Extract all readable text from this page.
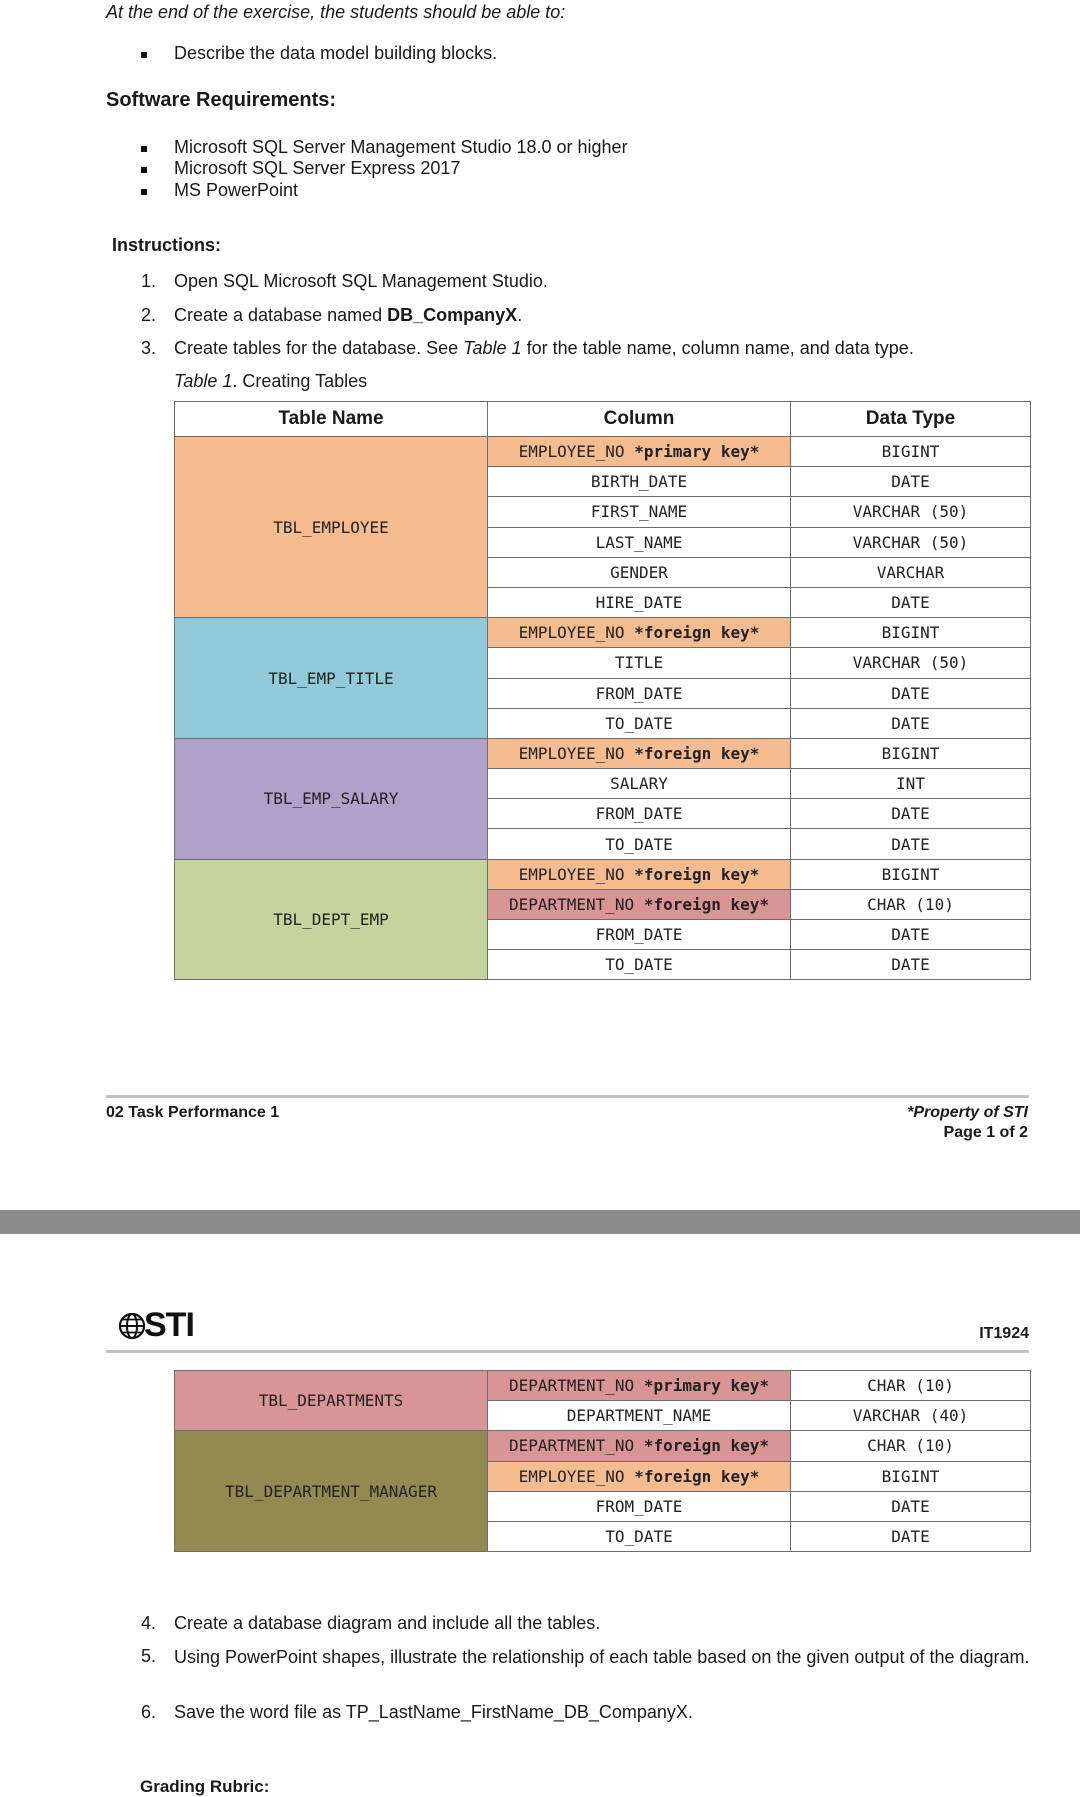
At the end of the exercise, the students should be able to:
Describe the data model building blocks.
Software Requirements:
Microsoft SQL Server Management Studio 18.0 or higher
Microsoft SQL Server Express 2017
MS PowerPoint
Instructions:
1. Open SQL Microsoft SQL Management Studio.
2. Create a database named DB_CompanyX.
3. Create tables for the database. See Table 1 for the table name, column name, and data type.
Table 1. Creating Tables
Table Name	Column	Data Type
TBL_EMPLOYEE	EMPLOYEE_NO *primary key*	BIGINT
	BIRTH_DATE	DATE
	FIRST_NAME	VARCHAR (50)
	LAST_NAME	VARCHAR (50)
	GENDER	VARCHAR
	HIRE_DATE	DATE
TBL_EMP_TITLE	EMPLOYEE_NO *foreign key*	BIGINT
	TITLE	VARCHAR (50)
	FROM_DATE	DATE
	TO_DATE	DATE
TBL_EMP_SALARY	EMPLOYEE_NO *foreign key*	BIGINT
	SALARY	INT
	FROM_DATE	DATE
	TO_DATE	DATE
TBL_DEPT_EMP	EMPLOYEE_NO *foreign key*	BIGINT
	DEPARTMENT_NO *foreign key*	CHAR (10)
	FROM_DATE	DATE
	TO_DATE	DATE
02 Task Performance 1	*Property of STI
Page 1 of 2
STI	IT1924
TBL_DEPARTMENTS	DEPARTMENT_NO *primary key*	CHAR (10)
	DEPARTMENT_NAME	VARCHAR (40)
TBL_DEPARTMENT_MANAGER	DEPARTMENT_NO *foreign key*	CHAR (10)
	EMPLOYEE_NO *foreign key*	BIGINT
	FROM_DATE	DATE
	TO_DATE	DATE
4. Create a database diagram and include all the tables.
5. Using PowerPoint shapes, illustrate the relationship of each table based on the given output of the diagram.
6. Save the word file as TP_LastName_FirstName_DB_CompanyX.
Grading Rubric:
